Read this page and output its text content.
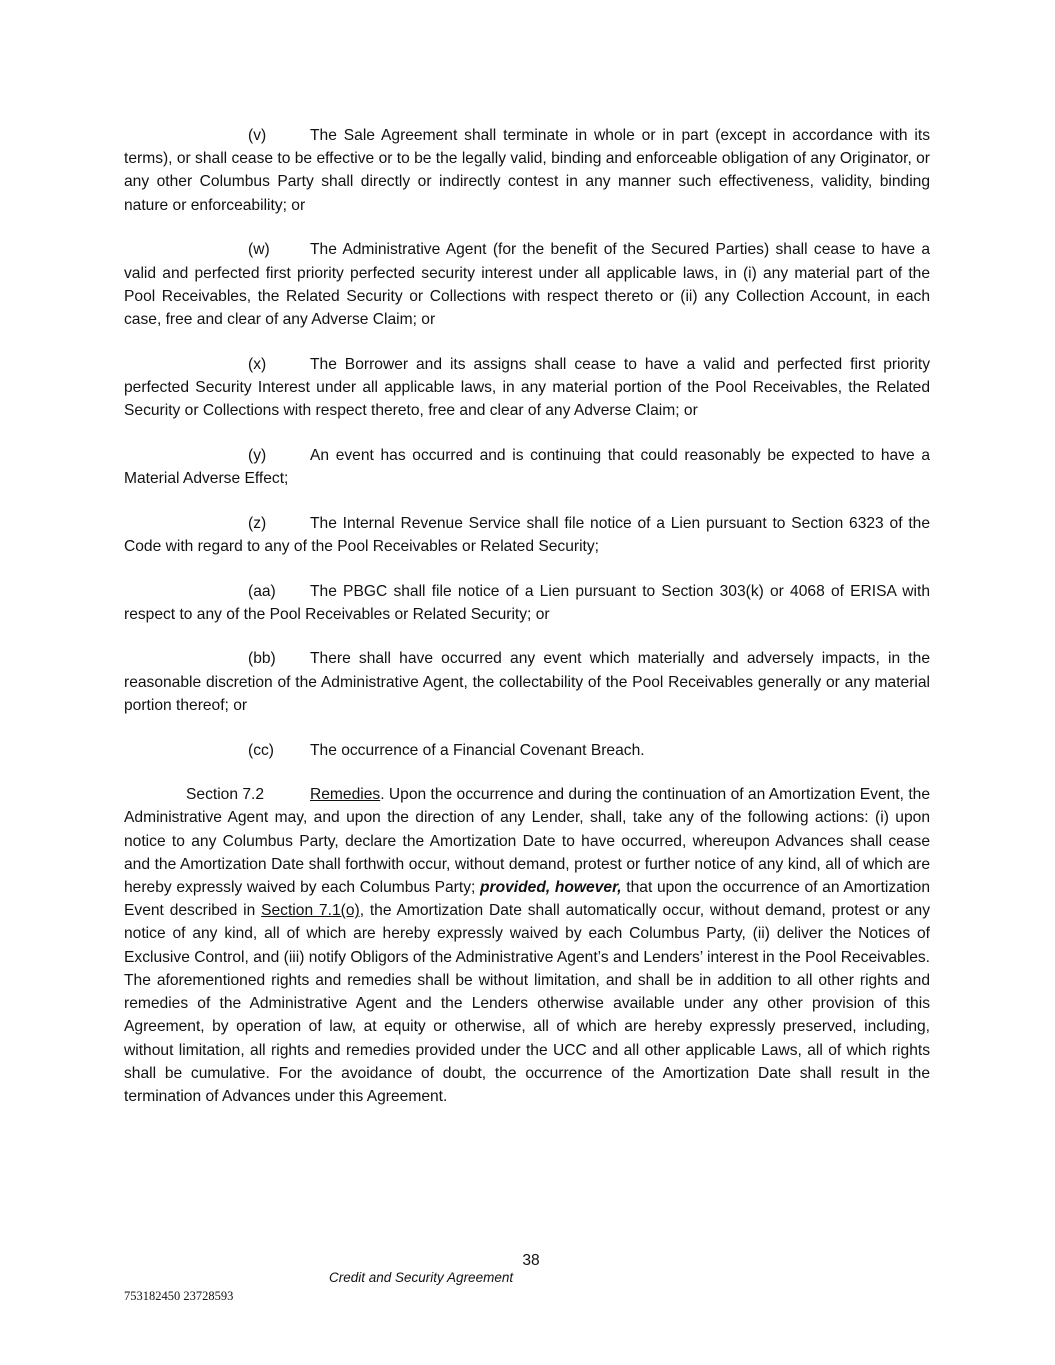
(v)	The Sale Agreement shall terminate in whole or in part (except in accordance with its terms), or shall cease to be effective or to be the legally valid, binding and enforceable obligation of any Originator, or any other Columbus Party shall directly or indirectly contest in any manner such effectiveness, validity, binding nature or enforceability; or

(w)	The Administrative Agent (for the benefit of the Secured Parties) shall cease to have a valid and perfected first priority perfected security interest under all applicable laws, in (i) any material part of the Pool Receivables, the Related Security or Collections with respect thereto or (ii) any Collection Account, in each case, free and clear of any Adverse Claim; or

(x)	The Borrower and its assigns shall cease to have a valid and perfected first priority perfected Security Interest under all applicable laws, in any material portion of the Pool Receivables, the Related Security or Collections with respect thereto, free and clear of any Adverse Claim; or

(y)	An event has occurred and is continuing that could reasonably be expected to have a Material Adverse Effect;

(z)	The Internal Revenue Service shall file notice of a Lien pursuant to Section 6323 of the Code with regard to any of the Pool Receivables or Related Security;

(aa) The PBGC shall file notice of a Lien pursuant to Section 303(k) or 4068 of ERISA with respect to any of the Pool Receivables or Related Security; or

(bb) There shall have occurred any event which materially and adversely impacts, in the reasonable discretion of the Administrative Agent, the collectability of the Pool Receivables generally or any material portion thereof; or

(cc) The occurrence of a Financial Covenant Breach.

Section 7.2	Remedies. Upon the occurrence and during the continuation of an Amortization Event, the Administrative Agent may, and upon the direction of any Lender, shall, take any of the following actions: (i) upon notice to any Columbus Party, declare the Amortization Date to have occurred, whereupon Advances shall cease and the Amortization Date shall forthwith occur, without demand, protest or further notice of any kind, all of which are hereby expressly waived by each Columbus Party; provided, however, that upon the occurrence of an Amortization Event described in Section 7.1(o), the Amortization Date shall automatically occur, without demand, protest or any notice of any kind, all of which are hereby expressly waived by each Columbus Party, (ii) deliver the Notices of Exclusive Control, and (iii) notify Obligors of the Administrative Agent’s and Lenders’ interest in the Pool Receivables. The aforementioned rights and remedies shall be without limitation, and shall be in addition to all other rights and remedies of the Administrative Agent and the Lenders otherwise available under any other provision of this Agreement, by operation of law, at equity or otherwise, all of which are hereby expressly preserved, including, without limitation, all rights and remedies provided under the UCC and all other applicable Laws, all of which rights shall be cumulative. For the avoidance of doubt, the occurrence of the Amortization Date shall result in the termination of Advances under this Agreement.

38
Credit and Security Agreement
753182450 23728593
